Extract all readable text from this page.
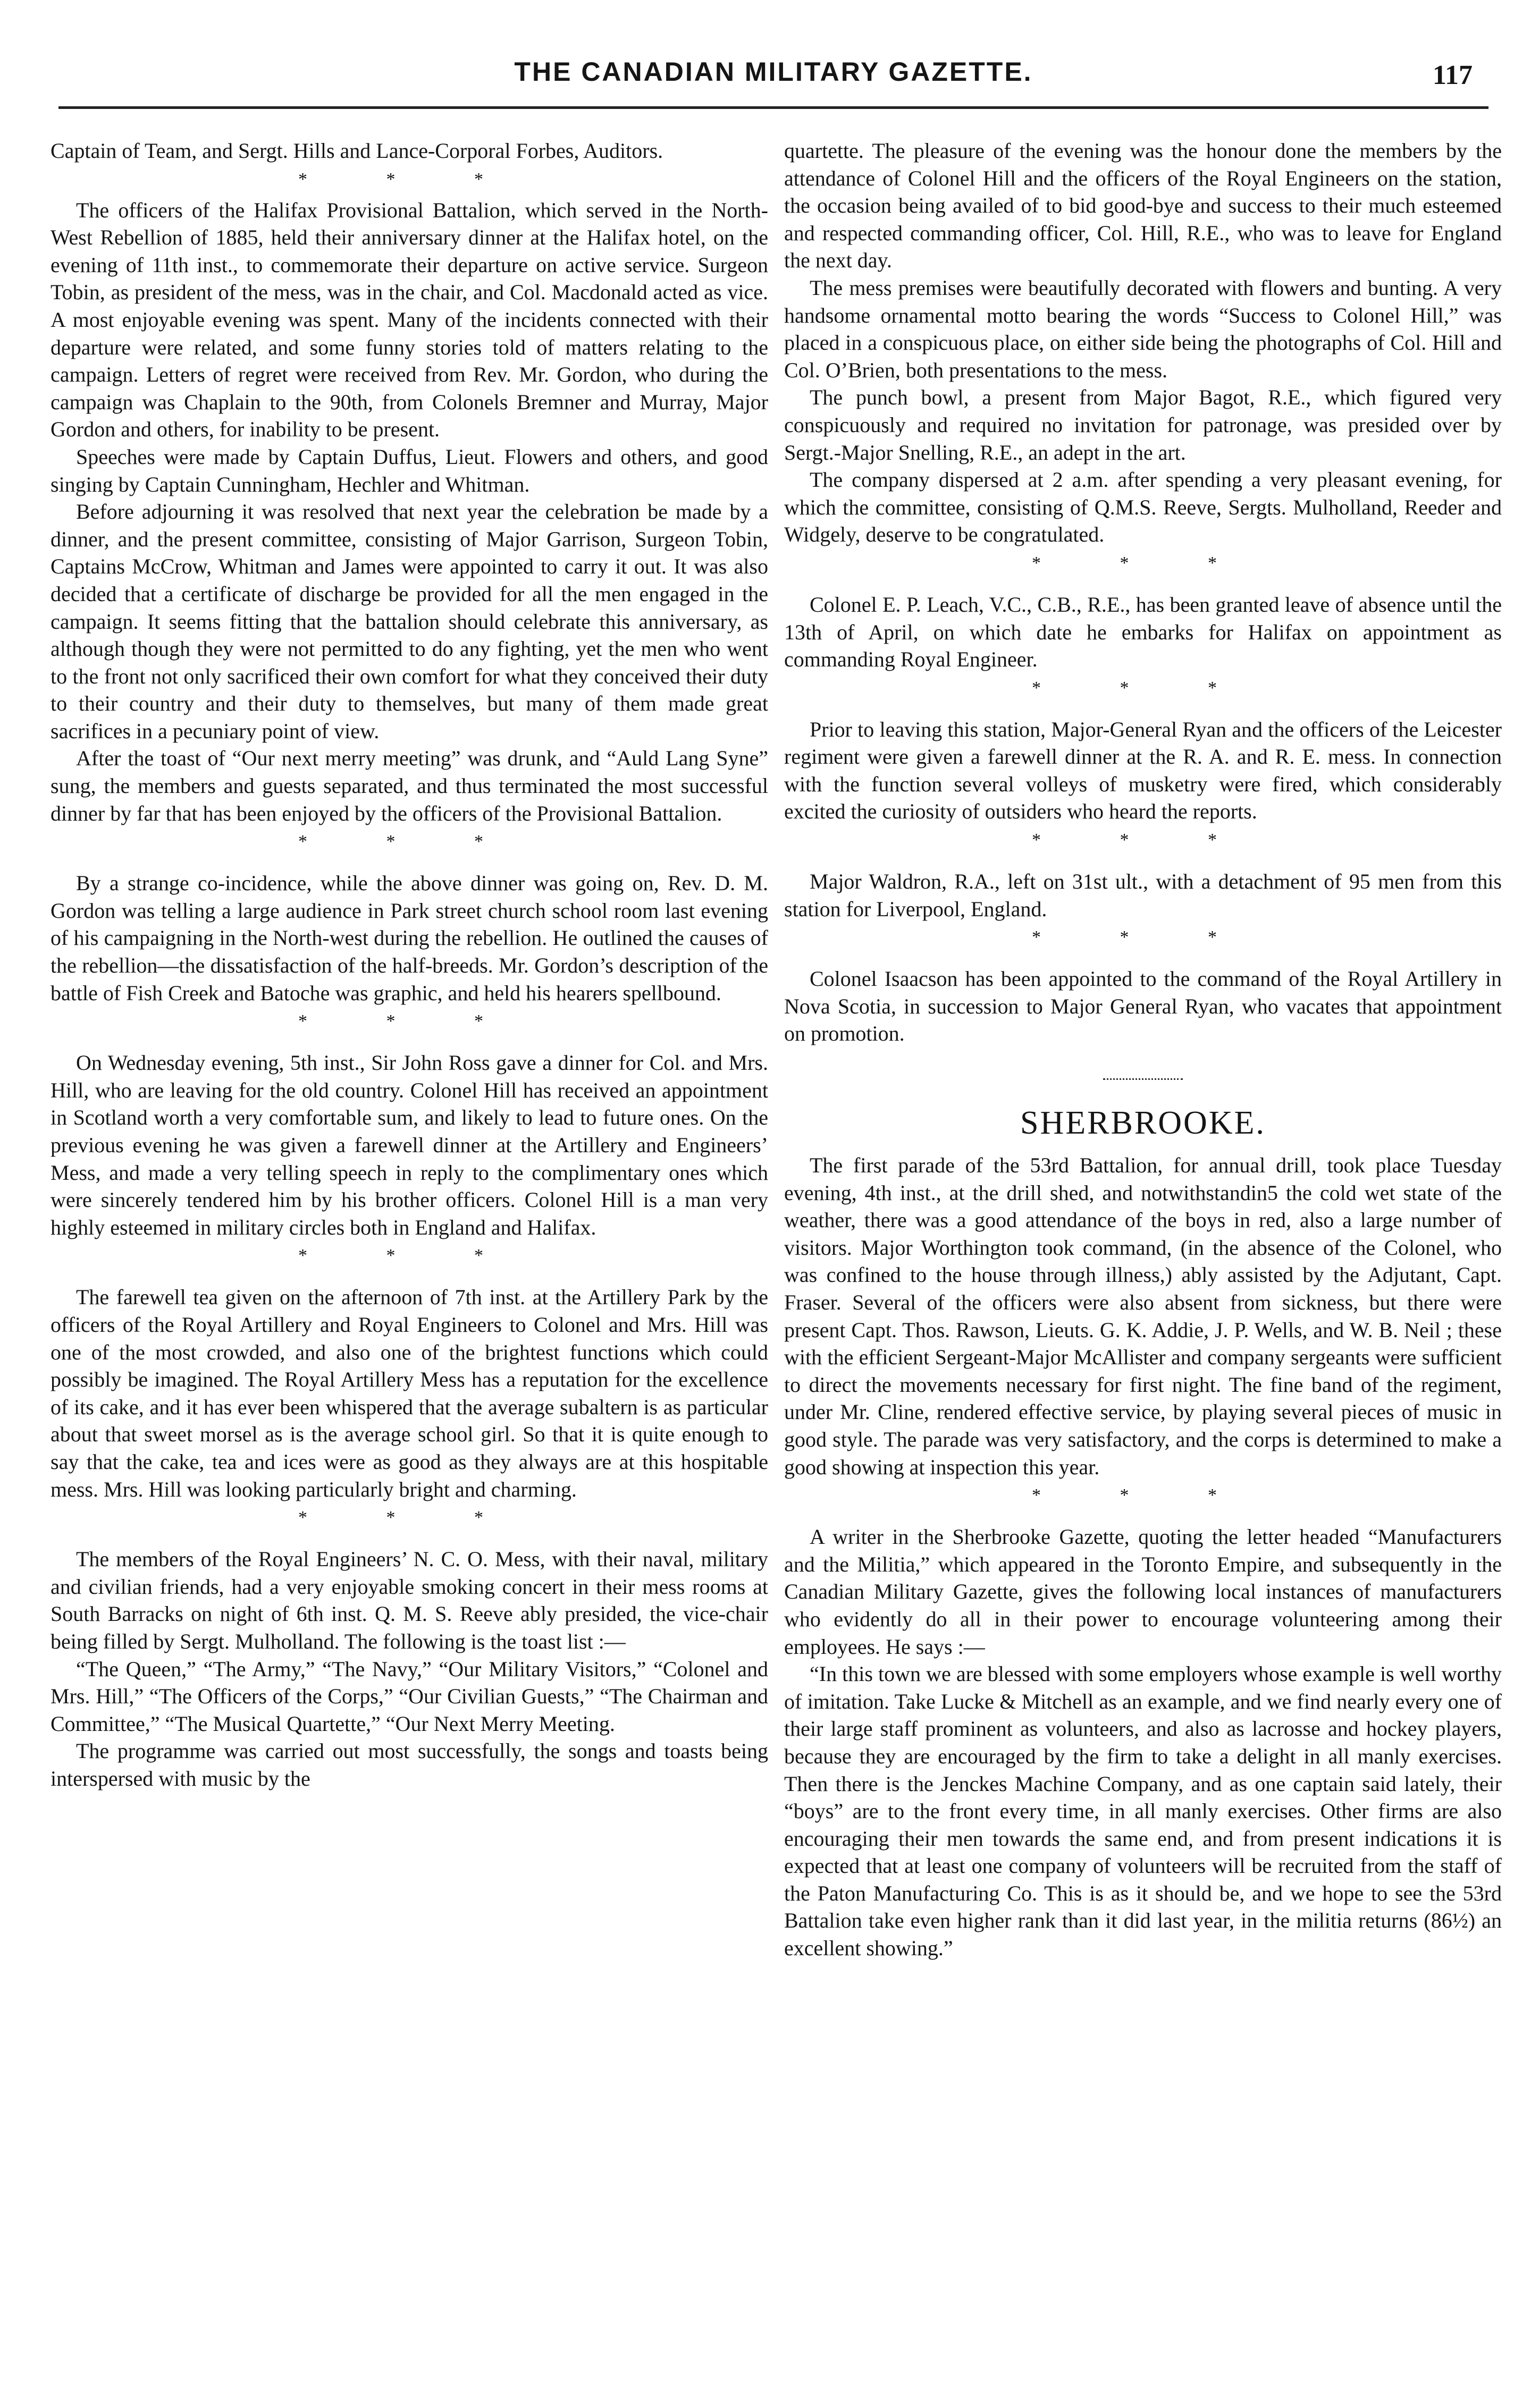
THE CANADIAN MILITARY GAZETTE.	117

Captain of Team, and Sergt. Hills and Lance-Corporal Forbes, Auditors.

* * *

The officers of the Halifax Provisional Battalion, which served in the North-West Rebellion of 1885, held their anniversary dinner at the Halifax hotel, on the evening of 11th inst., to commemorate their departure on active service. Surgeon Tobin, as president of the mess, was in the chair, and Col. Macdonald acted as vice. A most enjoyable evening was spent. Many of the incidents connected with their departure were related, and some funny stories told of matters relating to the campaign. Letters of regret were received from Rev. Mr. Gordon, who during the campaign was Chaplain to the 90th, from Colonels Bremner and Murray, Major Gordon and others, for inability to be present.

Speeches were made by Captain Duffus, Lieut. Flowers and others, and good singing by Captain Cunningham, Hechler and Whitman.

Before adjourning it was resolved that next year the celebration be made by a dinner, and the present committee, consisting of Major Garrison, Surgeon Tobin, Captains McCrow, Whitman and James were appointed to carry it out. It was also decided that a certificate of discharge be provided for all the men engaged in the campaign. It seems fitting that the battalion should celebrate this anniversary, as although though they were not permitted to do any fighting, yet the men who went to the front not only sacrificed their own comfort for what they conceived their duty to their country and their duty to themselves, but many of them made great sacrifices in a pecuniary point of view.

After the toast of “Our next merry meeting” was drunk, and “Auld Lang Syne” sung, the members and guests separated, and thus terminated the most successful dinner by far that has been enjoyed by the officers of the Provisional Battalion.

* * *

By a strange co-incidence, while the above dinner was going on, Rev. D. M. Gordon was telling a large audience in Park street church school room last evening of his campaigning in the North-west during the rebellion. He outlined the causes of the rebellion—the dissatisfaction of the half-breeds. Mr. Gordon’s description of the battle of Fish Creek and Batoche was graphic, and held his hearers spellbound.

* * *

On Wednesday evening, 5th inst., Sir John Ross gave a dinner for Col. and Mrs. Hill, who are leaving for the old country. Colonel Hill has received an appointment in Scotland worth a very comfortable sum, and likely to lead to future ones. On the previous evening he was given a farewell dinner at the Artillery and Engineers’ Mess, and made a very telling speech in reply to the complimentary ones which were sincerely tendered him by his brother officers. Colonel Hill is a man very highly esteemed in military circles both in England and Halifax.

* * *

The farewell tea given on the afternoon of 7th inst. at the Artillery Park by the officers of the Royal Artillery and Royal Engineers to Colonel and Mrs. Hill was one of the most crowded, and also one of the brightest functions which could possibly be imagined. The Royal Artillery Mess has a reputation for the excellence of its cake, and it has ever been whispered that the average subaltern is as particular about that sweet morsel as is the average school girl. So that it is quite enough to say that the cake, tea and ices were as good as they always are at this hospitable mess. Mrs. Hill was looking particularly bright and charming.

* * *

The members of the Royal Engineers’ N. C. O. Mess, with their naval, military and civilian friends, had a very enjoyable smoking concert in their mess rooms at South Barracks on night of 6th inst. Q. M. S. Reeve ably presided, the vice-chair being filled by Sergt. Mulholland. The following is the toast list :—

“The Queen,” “The Army,” “The Navy,” “Our Military Visitors,” “Colonel and Mrs. Hill,” “The Officers of the Corps,” “Our Civilian Guests,” “The Chairman and Committee,” “The Musical Quartette,” “Our Next Merry Meeting.

The programme was carried out most successfully, the songs and toasts being interspersed with music by the

quartette. The pleasure of the evening was the honour done the members by the attendance of Colonel Hill and the officers of the Royal Engineers on the station, the occasion being availed of to bid good-bye and success to their much esteemed and respected commanding officer, Col. Hill, R.E., who was to leave for England the next day.

The mess premises were beautifully decorated with flowers and bunting. A very handsome ornamental motto bearing the words “Success to Colonel Hill,” was placed in a conspicuous place, on either side being the photographs of Col. Hill and Col. O’Brien, both presentations to the mess.

The punch bowl, a present from Major Bagot, R.E., which figured very conspicuously and required no invitation for patronage, was presided over by Sergt.-Major Snelling, R.E., an adept in the art.

The company dispersed at 2 a.m. after spending a very pleasant evening, for which the committee, consisting of Q.M.S. Reeve, Sergts. Mulholland, Reeder and Widgely, deserve to be congratulated.

* * *

Colonel E. P. Leach, V.C., C.B., R.E., has been granted leave of absence until the 13th of April, on which date he embarks for Halifax on appointment as commanding Royal Engineer.

* * *

Prior to leaving this station, Major-General Ryan and the officers of the Leicester regiment were given a farewell dinner at the R. A. and R. E. mess. In connection with the function several volleys of musketry were fired, which considerably excited the curiosity of outsiders who heard the reports.

* * *

Major Waldron, R.A., left on 31st ult., with a detachment of 95 men from this station for Liverpool, England.

* * *

Colonel Isaacson has been appointed to the command of the Royal Artillery in Nova Scotia, in succession to Major General Ryan, who vacates that appointment on promotion.

SHERBROOKE.

The first parade of the 53rd Battalion, for annual drill, took place Tuesday evening, 4th inst., at the drill shed, and notwithstandin5 the cold wet state of the weather, there was a good attendance of the boys in red, also a large number of visitors. Major Worthington took command, (in the absence of the Colonel, who was confined to the house through illness,) ably assisted by the Adjutant, Capt. Fraser. Several of the officers were also absent from sickness, but there were present Capt. Thos. Rawson, Lieuts. G. K. Addie, J. P. Wells, and W. B. Neil ; these with the efficient Sergeant-Major McAllister and company sergeants were sufficient to direct the movements necessary for first night. The fine band of the regiment, under Mr. Cline, rendered effective service, by playing several pieces of music in good style. The parade was very satisfactory, and the corps is determined to make a good showing at inspection this year.

* * *

A writer in the Sherbrooke Gazette, quoting the letter headed “Manufacturers and the Militia,” which appeared in the Toronto Empire, and subsequently in the Canadian Military Gazette, gives the following local instances of manufacturers who evidently do all in their power to encourage volunteering among their employees. He says :—

“In this town we are blessed with some employers whose example is well worthy of imitation. Take Lucke & Mitchell as an example, and we find nearly every one of their large staff prominent as volunteers, and also as lacrosse and hockey players, because they are encouraged by the firm to take a delight in all manly exercises. Then there is the Jenckes Machine Company, and as one captain said lately, their “boys” are to the front every time, in all manly exercises. Other firms are also encouraging their men towards the same end, and from present indications it is expected that at least one company of volunteers will be recruited from the staff of the Paton Manufacturing Co. This is as it should be, and we hope to see the 53rd Battalion take even higher rank than it did last year, in the militia returns (86½) an excellent showing.”
